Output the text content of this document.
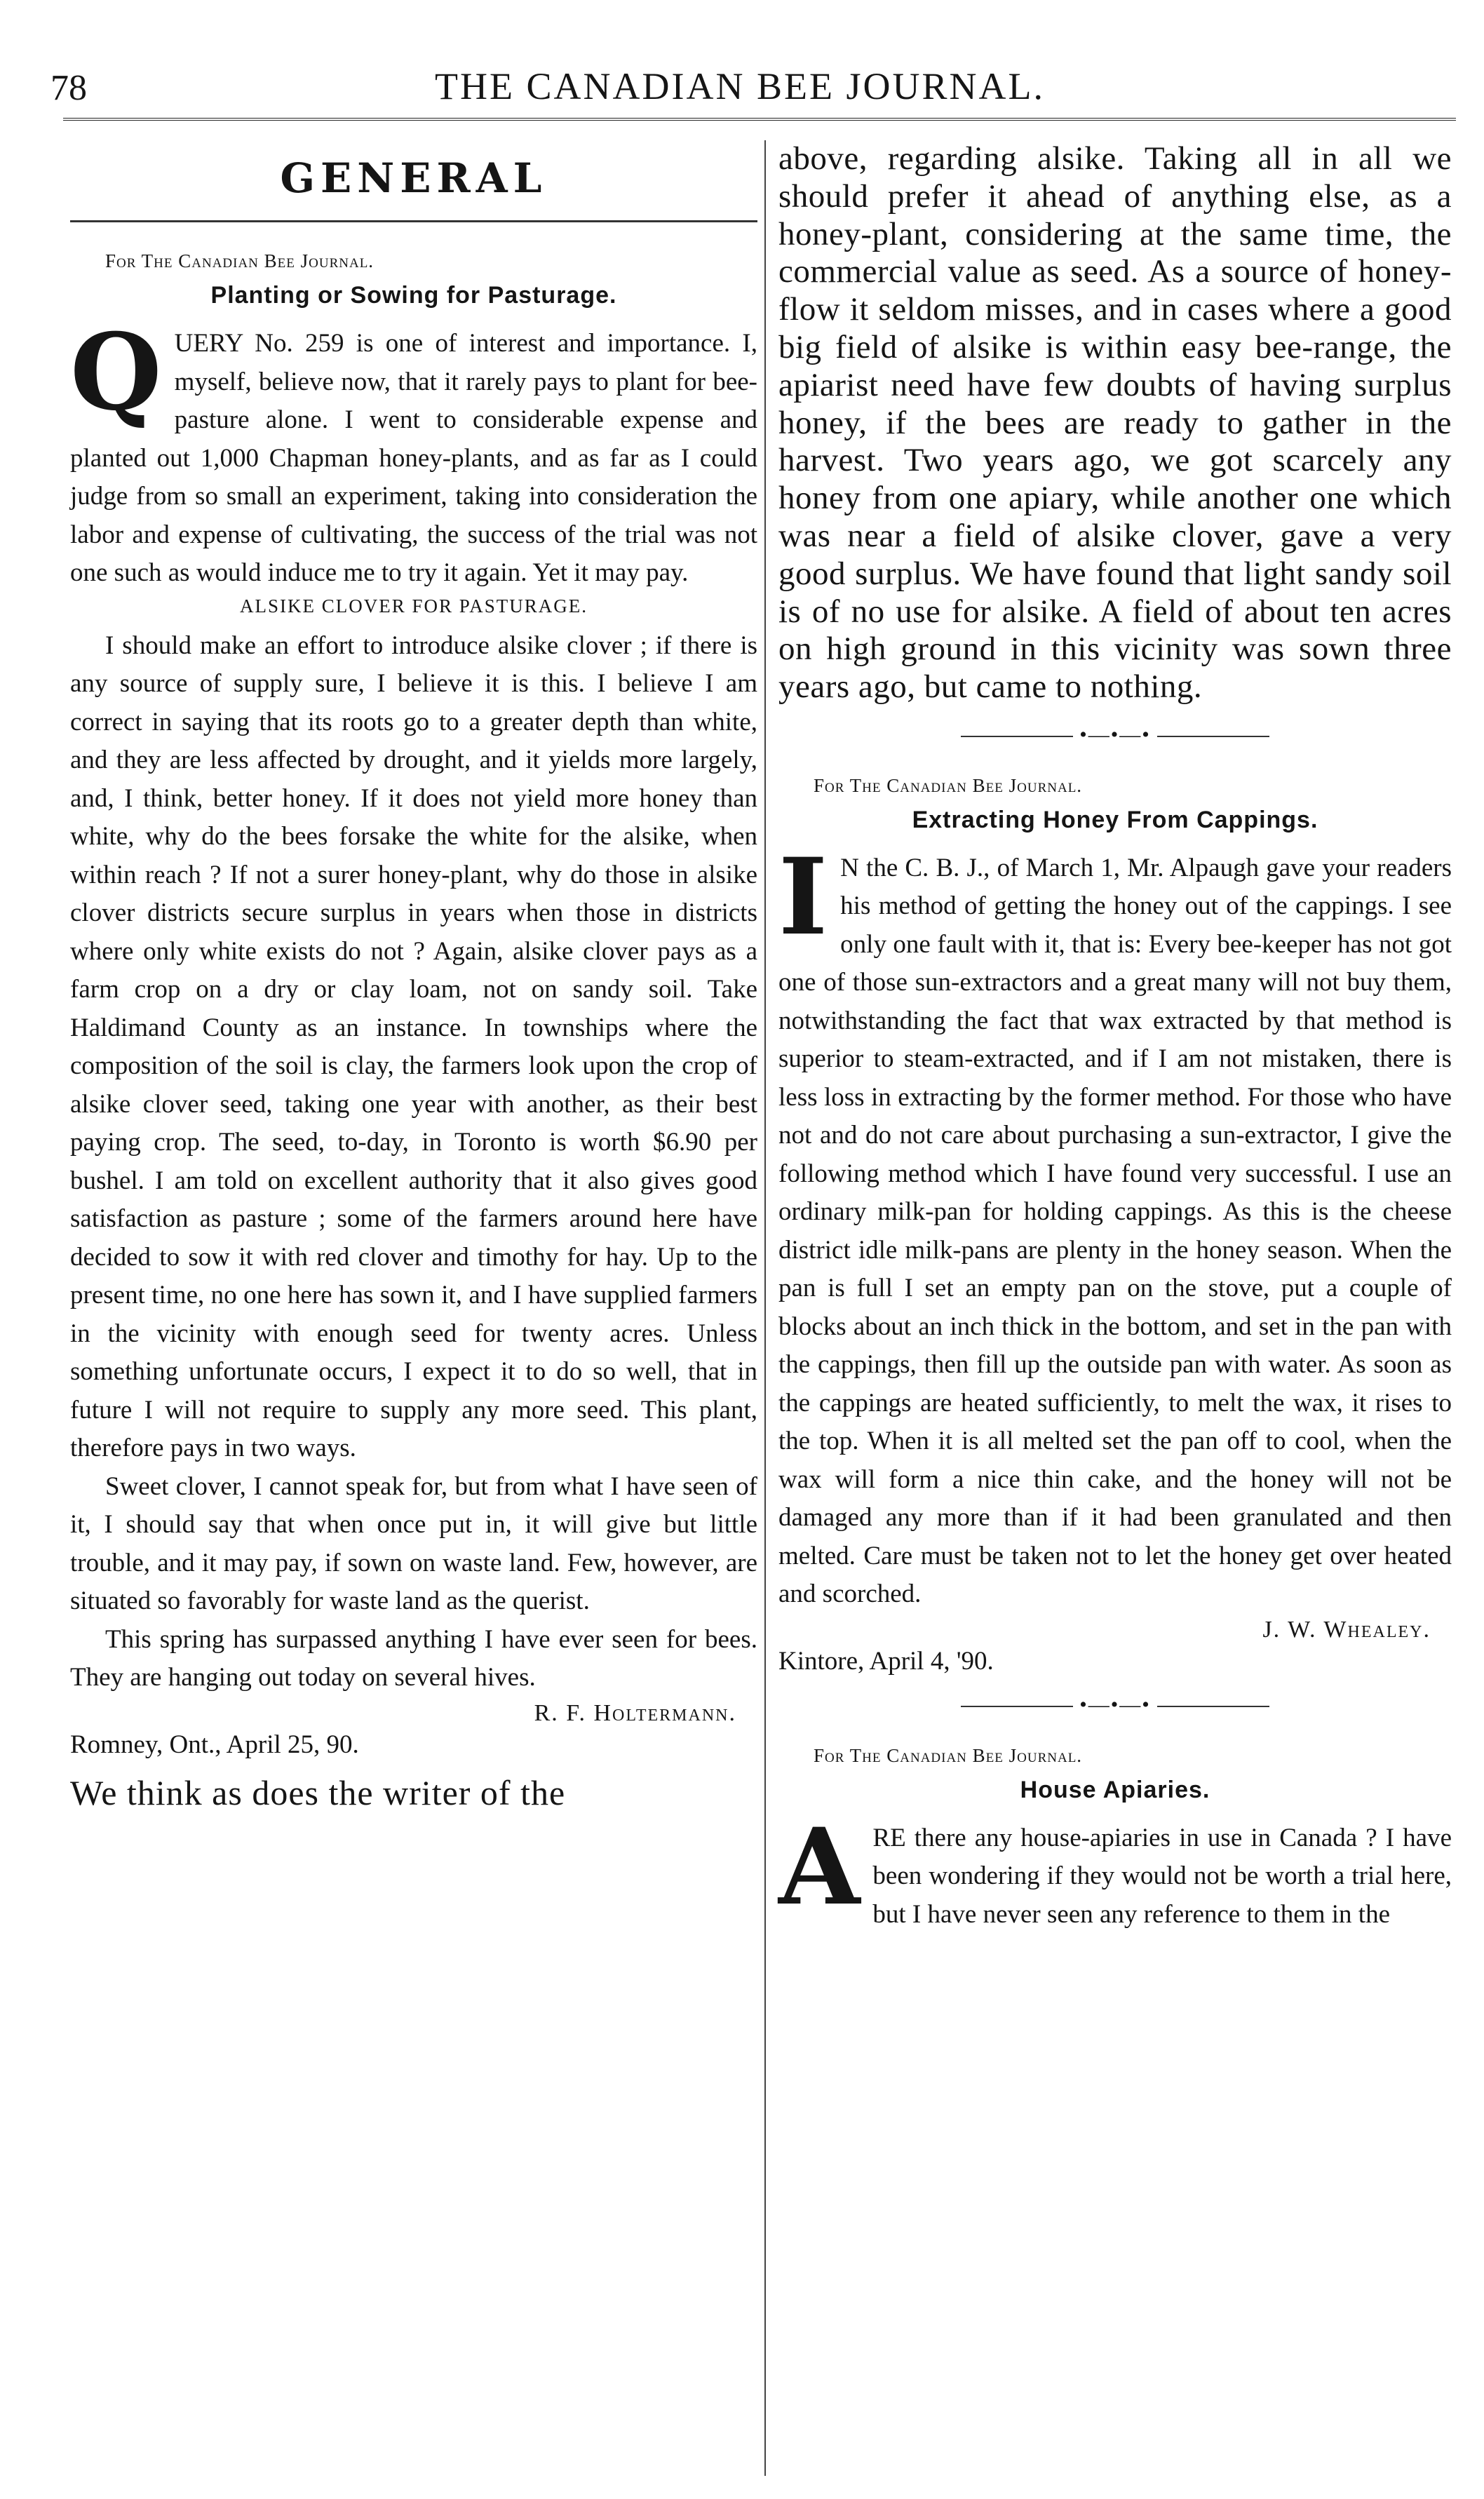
78	THE CANADIAN BEE JOURNAL.
GENERAL
For The Canadian Bee Journal.
Planting or Sowing for Pasturage.

QUERY No. 259 is one of interest and importance. I, myself, believe now, that it rarely pays to plant for bee-pasture alone. I went to considerable expense and planted out 1,000 Chapman honey-plants, and as far as I could judge from so small an experiment, taking into consideration the labor and expense of cultivating, the success of the trial was not one such as would induce me to try it again. Yet it may pay.

ALSIKE CLOVER FOR PASTURAGE.

I should make an effort to introduce alsike clover ; if there is any source of supply sure, I believe it is this. I believe I am correct in saying that its roots go to a greater depth than white, and they are less affected by drought, and it yields more largely, and, I think, better honey. If it does not yield more honey than white, why do the bees forsake the white for the alsike, when within reach ? If not a surer honey-plant, why do those in alsike clover districts secure surplus in years when those in districts where only white exists do not ? Again, alsike clover pays as a farm crop on a dry or clay loam, not on sandy soil. Take Haldimand County as an instance. In townships where the composition of the soil is clay, the farmers look upon the crop of alsike clover seed, taking one year with another, as their best paying crop. The seed, to-day, in Toronto is worth $6.90 per bushel. I am told on excellent authority that it also gives good satisfaction as pasture ; some of the farmers around here have decided to sow it with red clover and timothy for hay. Up to the present time, no one here has sown it, and I have supplied farmers in the vicinity with enough seed for twenty acres. Unless something unfortunate occurs, I expect it to do so well, that in future I will not require to supply any more seed. This plant, therefore pays in two ways.

Sweet clover, I cannot speak for, but from what I have seen of it, I should say that when once put in, it will give but little trouble, and it may pay, if sown on waste land. Few, however, are situated so favorably for waste land as the querist.

This spring has surpassed anything I have ever seen for bees. They are hanging out today on several hives.

R. F. Holtermann.
Romney, Ont., April 25, 90.
We think as does the writer of the

above, regarding alsike. Taking all in all we should prefer it ahead of anything else, as a honey-plant, considering at the same time, the commercial value as seed. As a source of honey-flow it seldom misses, and in cases where a good big field of alsike is within easy bee-range, the apiarist need have few doubts of having surplus honey, if the bees are ready to gather in the harvest. Two years ago, we got scarcely any honey from one apiary, while another one which was near a field of alsike clover, gave a very good surplus. We have found that light sandy soil is of no use for alsike. A field of about ten acres on high ground in this vicinity was sown three years ago, but came to nothing.

•—•—•
For The Canadian Bee Journal.
Extracting Honey From Cappings.

I N the C. B. J., of March 1, Mr. Alpaugh gave your readers his method of getting the honey out of the cappings. I see only one fault with it, that is: Every bee-keeper has not got one of those sun-extractors and a great many will not buy them, notwithstanding the fact that wax extracted by that method is superior to steam-extracted, and if I am not mistaken, there is less loss in extracting by the former method. For those who have not and do not care about purchasing a sun-extractor, I give the following method which I have found very successful. I use an ordinary milk-pan for holding cappings. As this is the cheese district idle milk-pans are plenty in the honey season. When the pan is full I set an empty pan on the stove, put a couple of blocks about an inch thick in the bottom, and set in the pan with the cappings, then fill up the outside pan with water. As soon as the cappings are heated sufficiently, to melt the wax, it rises to the top. When it is all melted set the pan off to cool, when the wax will form a nice thin cake, and the honey will not be damaged any more than if it had been granulated and then melted. Care must be taken not to let the honey get over heated and scorched.

J. W. Whealey.
Kintore, April 4, '90.
•—•—•
For The Canadian Bee Journal.
House Apiaries.

ARE there any house-apiaries in use in Canada ? I have been wondering if they would not be worth a trial here, but I have never seen any reference to them in the
